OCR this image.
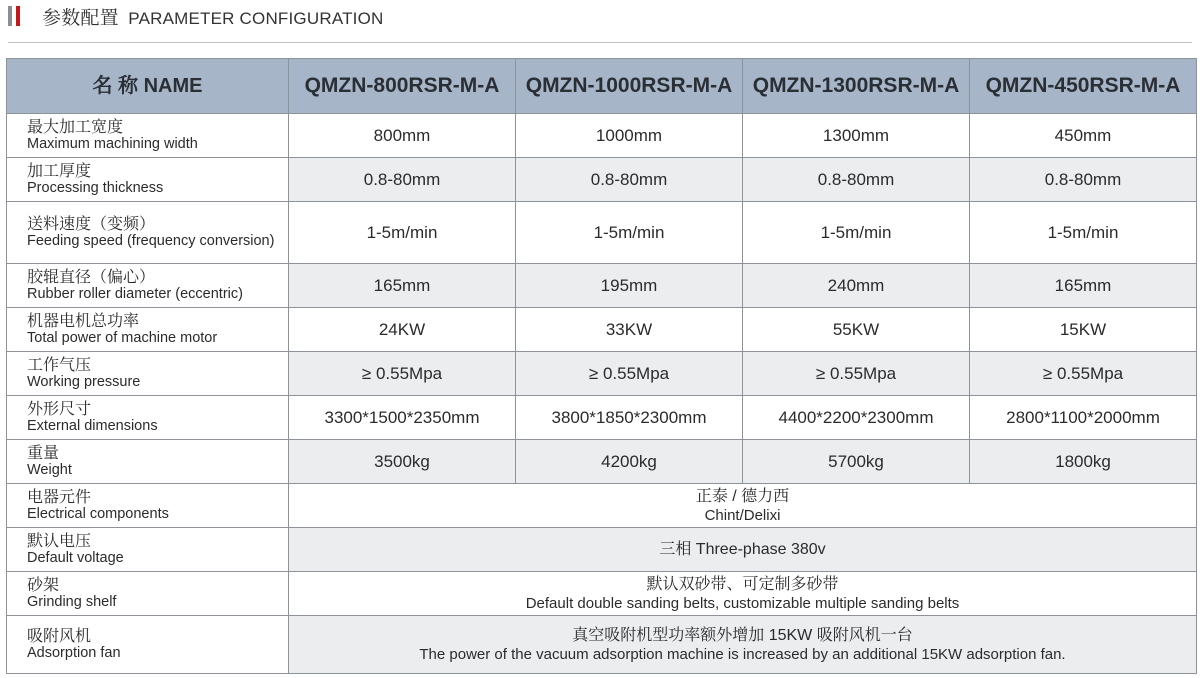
参数配置 PARAMETER CONFIGURATION
名 称 NAME	QMZN-800RSR-M-A	QMZN-1000RSR-M-A	QMZN-1300RSR-M-A	QMZN-450RSR-M-A

最大加工宽度
Maximum machining width	800mm	1000mm	1300mm	450mm

加工厚度
Processing thickness	0.8-80mm	0.8-80mm	0.8-80mm	0.8-80mm

送料速度（变频）
Feeding speed (frequency conversion)	1-5m/min	1-5m/min	1-5m/min	1-5m/min

胶辊直径（偏心）
Rubber roller diameter (eccentric)	165mm	195mm	240mm	165mm

机器电机总功率
Total power of machine motor	24KW	33KW	55KW	15KW

工作气压
Working pressure	≥ 0.55Mpa	≥ 0.55Mpa	≥ 0.55Mpa	≥ 0.55Mpa

外形尺寸
External dimensions	3300*1500*2350mm	3800*1850*2300mm	4400*2200*2300mm	2800*1100*2000mm

重量
Weight	3500kg	4200kg	5700kg	1800kg

电器元件
Electrical components	正泰 / 德力西
Chint/Delixi			

默认电压
Default voltage	三相 Three-phase 380v			

砂架
Grinding shelf	默认双砂带、可定制多砂带
Default double sanding belts, customizable multiple sanding belts			

吸附风机
Adsorption fan	真空吸附机型功率额外增加 15KW 吸附风机一台
The power of the vacuum adsorption machine is increased by an additional 15KW adsorption fan.			
